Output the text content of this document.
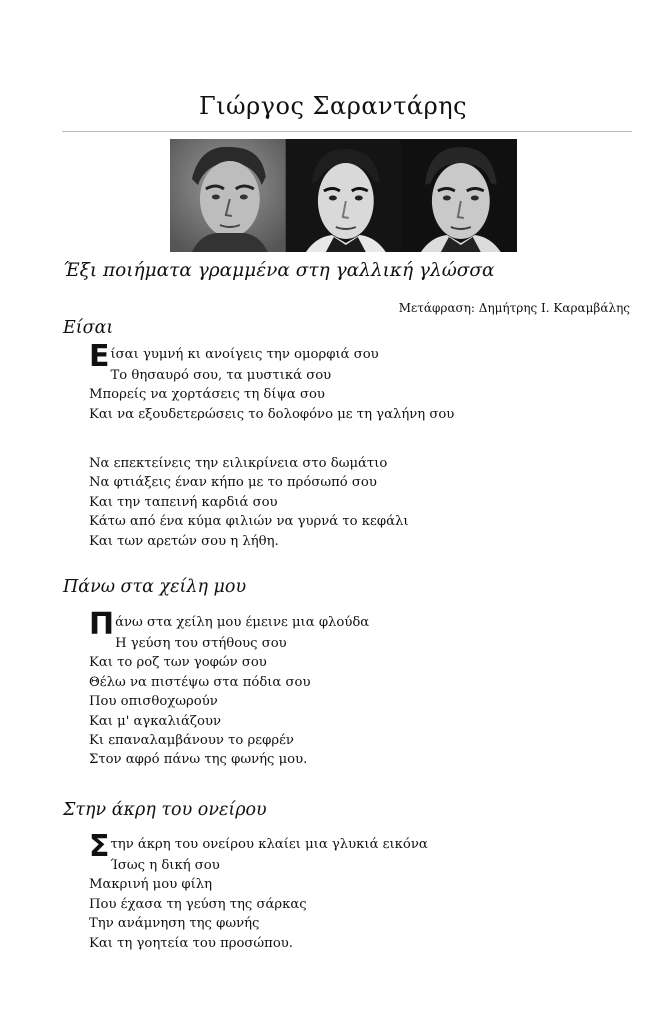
Γιώργος Σαραντάρης
Έξι ποιήματα γραμμένα στη γαλλική γλώσσα
Μετάφραση: Δημήτρης Ι. Καραμβάλης
Είσαι
Είσαι γυμνή κι ανοίγεις την ομορφιά σου
Το θησαυρό σου, τα μυστικά σου
Μπορείς να χορτάσεις τη δίψα σου
Και να εξουδετερώσεις το δολοφόνο με τη γαλήνη σου
Να επεκτείνεις την ειλικρίνεια στο δωμάτιο
Να φτιάξεις έναν κήπο με το πρόσωπό σου
Και την ταπεινή καρδιά σου
Κάτω από ένα κύμα φιλιών να γυρνά το κεφάλι
Και των αρετών σου η λήθη.
Πάνω στα χείλη μου
Πάνω στα χείλη μου έμεινε μια φλούδα
Η γεύση του στήθους σου
Και το ροζ των γοφών σου
Θέλω να πιστέψω στα πόδια σου
Που οπισθοχωρούν
Και μ' αγκαλιάζουν
Κι επαναλαμβάνουν το ρεφρέν
Στον αφρό πάνω της φωνής μου.
Στην άκρη του ονείρου
Στην άκρη του ονείρου κλαίει μια γλυκιά εικόνα
Ίσως η δική σου
Μακρινή μου φίλη
Που έχασα τη γεύση της σάρκας
Την ανάμνηση της φωνής
Και τη γοητεία του προσώπου.
